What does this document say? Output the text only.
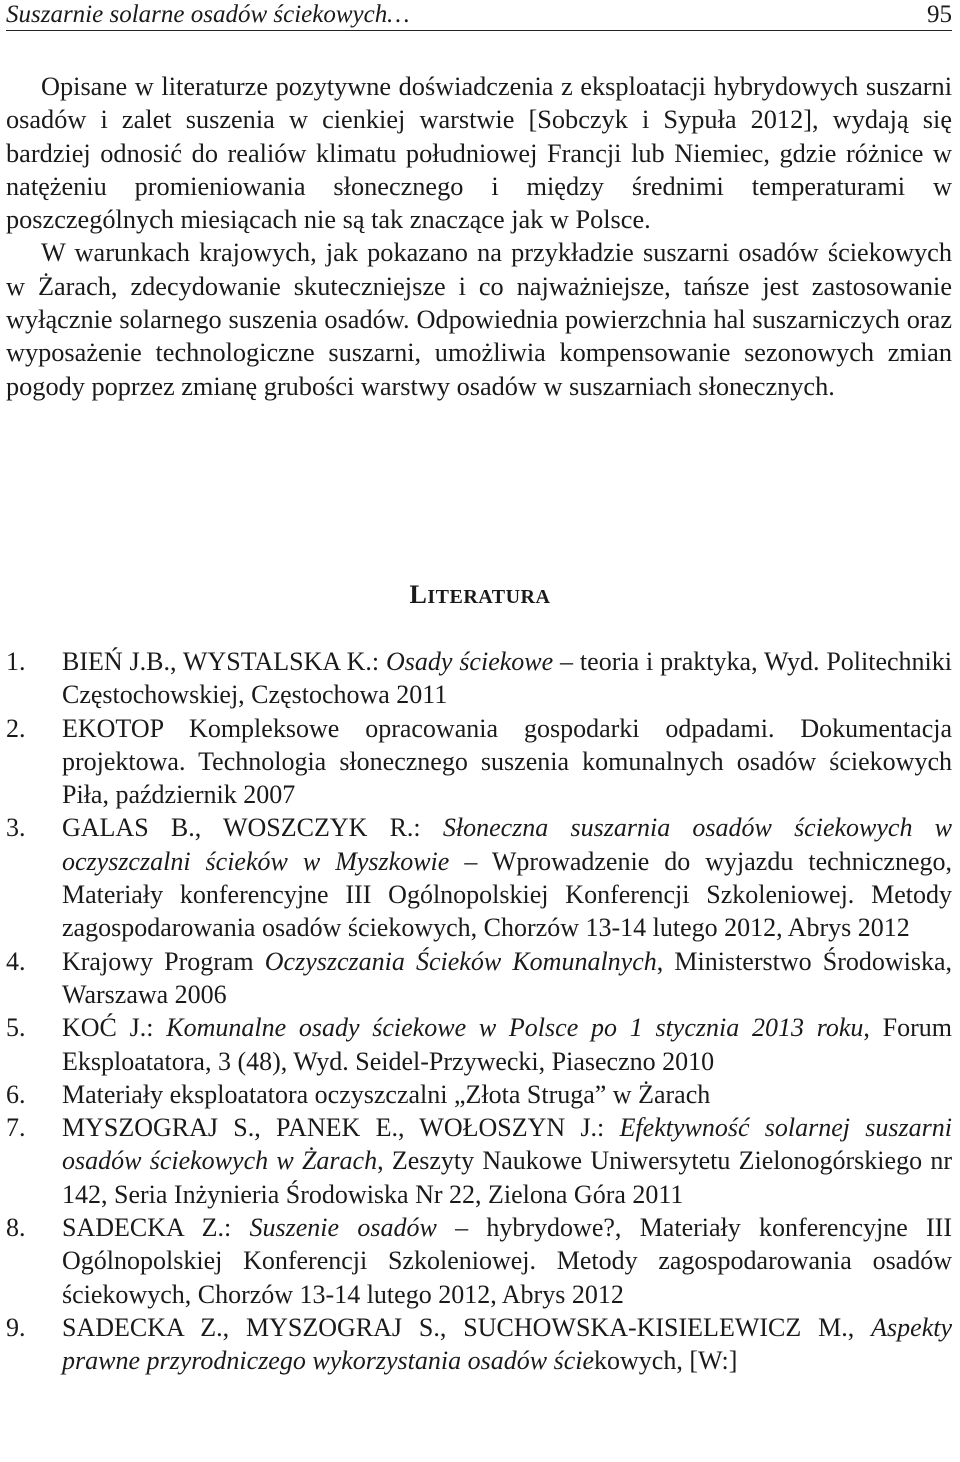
Suszarnie solarne osadów ściekowych…	95

Opisane w literaturze pozytywne doświadczenia z eksploatacji hybrydowych suszarni osadów i zalet suszenia w cienkiej warstwie [Sobczyk i Sypuła 2012], wydają się bardziej odnosić do realiów klimatu południowej Francji lub Niemiec, gdzie różnice w natężeniu promieniowania słonecznego i między średnimi temperaturami w poszczególnych miesiącach nie są tak znaczące jak w Polsce.

W warunkach krajowych, jak pokazano na przykładzie suszarni osadów ściekowych w Żarach, zdecydowanie skuteczniejsze i co najważniejsze, tańsze jest zastosowanie wyłącznie solarnego suszenia osadów. Odpowiednia powierzchnia hal suszarniczych oraz wyposażenie technologiczne suszarni, umożliwia kompensowanie sezonowych zmian pogody poprzez zmianę grubości warstwy osadów w suszarniach słonecznych.

LITERATURA
1. BIEŃ J.B., WYSTALSKA K.: Osady ściekowe – teoria i praktyka, Wyd. Politechniki Częstochowskiej, Częstochowa 2011
2. EKOTOP Kompleksowe opracowania gospodarki odpadami. Dokumentacja projektowa. Technologia słonecznego suszenia komunalnych osadów ściekowych Piła, październik 2007
3. GALAS B., WOSZCZYK R.: Słoneczna suszarnia osadów ściekowych w oczyszczalni ścieków w Myszkowie – Wprowadzenie do wyjazdu technicznego, Materiały konferencyjne III Ogólnopolskiej Konferencji Szkoleniowej. Metody zagospodarowania osadów ściekowych, Chorzów 13-14 lutego 2012, Abrys 2012
4. Krajowy Program Oczyszczania Ścieków Komunalnych, Ministerstwo Środowiska, Warszawa 2006
5. KOĆ J.: Komunalne osady ściekowe w Polsce po 1 stycznia 2013 roku, Forum Eksploatatora, 3 (48), Wyd. Seidel-Przywecki, Piaseczno 2010
6. Materiały eksploatatora oczyszczalni „Złota Struga” w Żarach
7. MYSZOGRAJ S., PANEK E., WOŁOSZYN J.: Efektywność solarnej suszarni osadów ściekowych w Żarach, Zeszyty Naukowe Uniwersytetu Zielonogórskiego nr 142, Seria Inżynieria Środowiska Nr 22, Zielona Góra 2011
8. SADECKA Z.: Suszenie osadów – hybrydowe?, Materiały konferencyjne III Ogólnopolskiej Konferencji Szkoleniowej. Metody zagospodarowania osadów ściekowych, Chorzów 13-14 lutego 2012, Abrys 2012
9. SADECKA Z., MYSZOGRAJ S., SUCHOWSKA-KISIELEWICZ M., Aspekty prawne przyrodniczego wykorzystania osadów ściekowych, [W:]
